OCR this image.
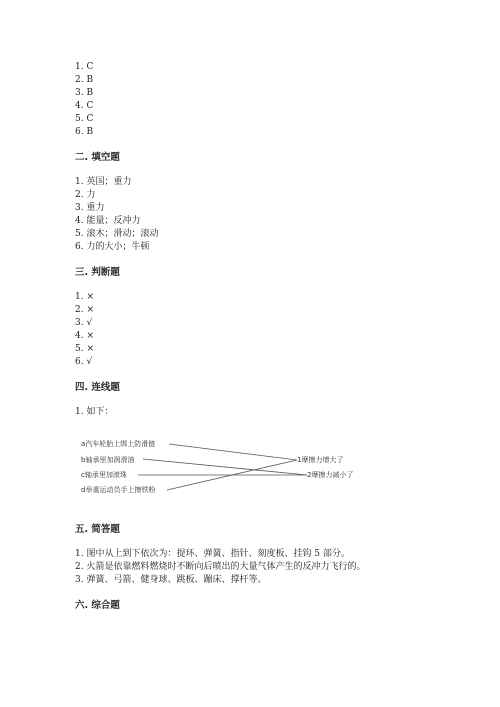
1. C
2. B
3. B
4. C
5. C
6. B
二. 填空题
1. 英国；重力
2. 力
3. 重力
4. 能量；反冲力
5. 滚木；滑动；滚动
6. 力的大小；牛顿
三. 判断题
1. ×
2. ×
3. √
4. ×
5. ×
6. √
四. 连线题
1. 如下：
a汽车轮胎上绑上防滑链
b轴承里加润滑油
c轴承里加滚珠
d举重运动员手上擦铁粉
1摩擦力增大了
2摩擦力减小了
五. 简答题
1. 图中从上到下依次为：提环、弹簧、指针、刻度板、挂钩 5 部分。
2. 火箭是依靠燃料燃烧时不断向后喷出的大量气体产生的反冲力飞行的。
3. 弹簧、弓箭、健身球、跳板、蹦床、撑杆等。
六. 综合题
